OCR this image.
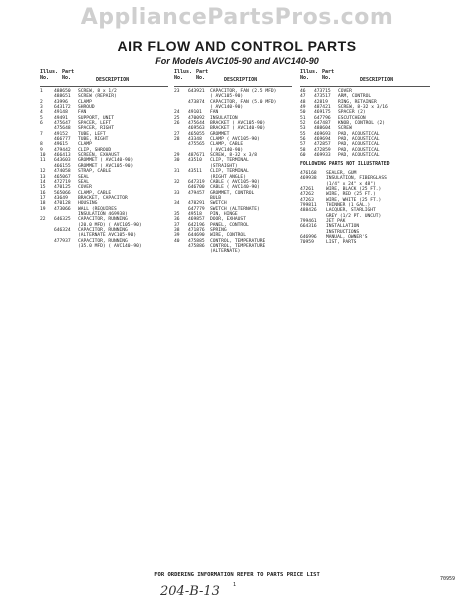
AppliancePartsPros.com
AIR FLOW AND CONTROL PARTS
For Models AVC105-90 and AVC140-90
Illus.
No.
Part
No.	DESCRIPTION
1 488650 SCREW, 8 x 1/2
488651 SCREW (REPAIR)
2 43996 CLAMP
3 643172 SHROUD
4 49148 FAN
5 49491 SUPPORT, UNIT
6 475647 SPACER, LEFT
475648 SPACER, RIGHT
7 49152 TUBE, LEFT
466777 TUBE, RIGHT
8 49615 CLAMP
9 479442 CLIP, SHROUD
10 466413 SCREEN, EXHAUST
11 643603 GROMMET ( AVC140-90)
466155 GROMMET ( AVC105-90)
12 474058 STRAP, CABLE
13 465067 SEAL
14 472719 SEAL
15 470125 COVER
16 565066 CLAMP, CABLE
17 43649 BRACKET, CAPACITOR
18 470128 HOUSING
19 473066 WALL (REQUIRES
INSULATION 469938)
22 646325 CAPACITOR, RUNNING
(20.0 MFD) ( AVC105-90)
646324 CAPACITOR, RUNNING
(ALTERNATE AVC105-90)
477937 CAPACITOR, RUNNING
(35.0 MFD) ( AVC140-90)
Illus.
No.
Part
No.	DESCRIPTION
23 643921 CAPACITOR, FAN (2.5 MFD)
( AVC105-90)
473874 CAPACITOR, FAN (5.0 MFD)
( AVC140-90)
24 49101 FAN
25 470092 INSULATION
26 475644 BRACKET ( AVC105-90)
469563 BRACKET ( AVC140-90)
27 465055 GROMMET
28 43348 CLAMP ( AVC105-90)
475565 CLAMP, CABLE
( AVC140-90)
29 487671 SCREW, 8-32 x 3/8
30 43510 CLIP, TERMINAL
(STRAIGHT)
31 43511 CLIP, TERMINAL
(RIGHT ANGLE)
32 647319 CABLE ( AVC105-90)
646700 CABLE ( AVC140-90)
33 479457 GROMMET, CONTROL
BULB
34 478291 SWITCH
647779 SWITCH (ALTERNATE)
35 49518 PIN, HINGE
36 469857 DOOR, EXHAUST
37 642196 PANEL, CONTROL
38 471876 SPRING
39 644690 WIRE, CONTROL
40 475885 CONTROL, TEMPERATURE
475886 CONTROL, TEMPERATURE
(ALTERNATE)
Illus.
No.
Part
No.	DESCRIPTION
46 473715 COVER
47 473517 ARM, CONTROL
48 42819 RING, RETAINER
49 487421 SCREW, 8-32 x 3/16
50 469175 SPACER (2)
51 647796 ESCUTCHEON
52 647487 KNOB, CONTROL (2)
53 488604 SCREW
55 469693 PAD, ACOUSTICAL
56 469694 PAD, ACOUSTICAL
57 472857 PAD, ACOUSTICAL
58 472859 PAD, ACOUSTICAL
60 469933 PAD, ACOUSTICAL
FOLLOWING PARTS NOT ILLUSTRATED
476168 SEALER, GUM
469938 INSULATION, FIBERGLASS
(1/4" x 24" x 48")
47261	WIRE, BLACK (25 FT.)
47262	WIRE, RED (25 FT.)
47263	WIRE, WHITE (25 FT.)
799811 THINNER (1 GAL.)
488426 LACQUER, STARLIGHT
GREY (1/2 PT. UNCUT)
799461 JET PAK
664316 INSTALLATION
INSTRUCTIONS
646996 MANUAL, OWNER'S
70959	LIST, PARTS
FOR ORDERING INFORMATION REFER TO PARTS PRICE LIST
1
204-B-13
70959
